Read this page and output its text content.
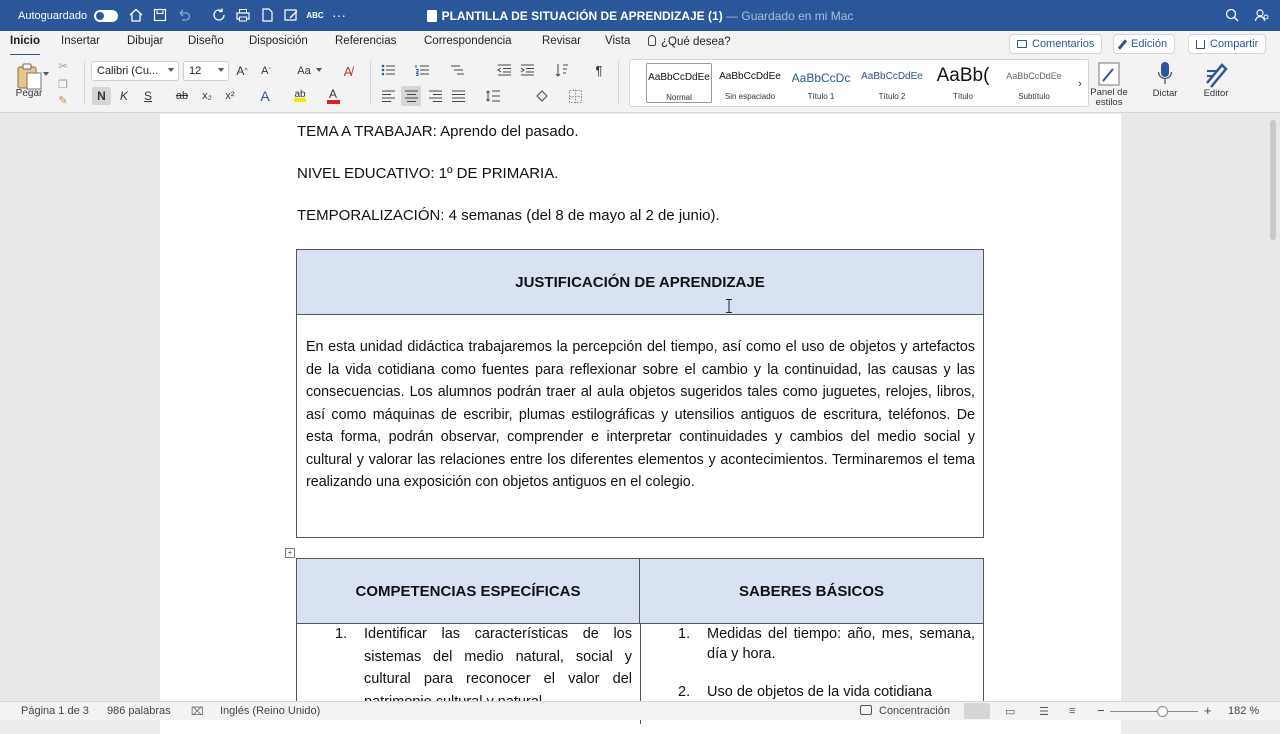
Autoguardado	ABC ···	PLANTILLA DE SITUACIÓN DE APRENDIZAJE (1)
— Guardado en mi Mac
Inicio Insertar Dibujar Diseño Disposición Referencias Correspondencia	Revisar Vista	¿Qué desea?	Comentarios	Edición	Compartir
Pegar
✂
❐
✎
Calibri (Cu...	12	A ^ A ˇ Aa	A̸
N K S ab x₂ x²	A	ab A
¶	AaBbCcDdEe
Normal
AaBbCcDdEe
Sin espaciado
AaBbCcDc
Título 1
AaBbCcDdEe
Título 2
AaBb(
Título
AaBbCcDdEe
Subtítulo
›
Panel de estilos
Dictar	Editor
TEMA A TRABAJAR: Aprendo del pasado.
NIVEL EDUCATIVO: 1º DE PRIMARIA.
TEMPORALIZACIÓN: 4 semanas (del 8 de mayo al 2 de junio).
JUSTIFICACIÓN DE APRENDIZAJE
En esta unidad didáctica trabajaremos la percepción del tiempo, así como el uso de objetos y artefactos de la vida cotidiana como fuentes para reflexionar sobre el cambio y la continuidad, las causas y las consecuencias. Los alumnos podrán traer al aula objetos sugeridos tales como juguetes, relojes, libros, así como máquinas de escribir, plumas estilográficas y utensilios antiguos de escritura, teléfonos. De esta forma, podrán observar, comprender e interpretar continuidades y cambios del medio social y cultural y valorar las relaciones entre los diferentes elementos y acontecimientos. Terminaremos el tema realizando una exposición con objetos antiguos en el colegio.
COMPETENCIAS ESPECÍFICAS	SABERES BÁSICOS
1. Identificar las características de los sistemas del medio natural, social y cultural para reconocer el valor del
1. Medidas del tiempo: año, mes, semana, día y hora.
2. Uso de objetos de la vida cotidiana
+
Página 1 de 3 986 palabras ⌧ Inglés (Reino Unido)	Concentración	▭ ☰ ≡ −	+ 182 %
